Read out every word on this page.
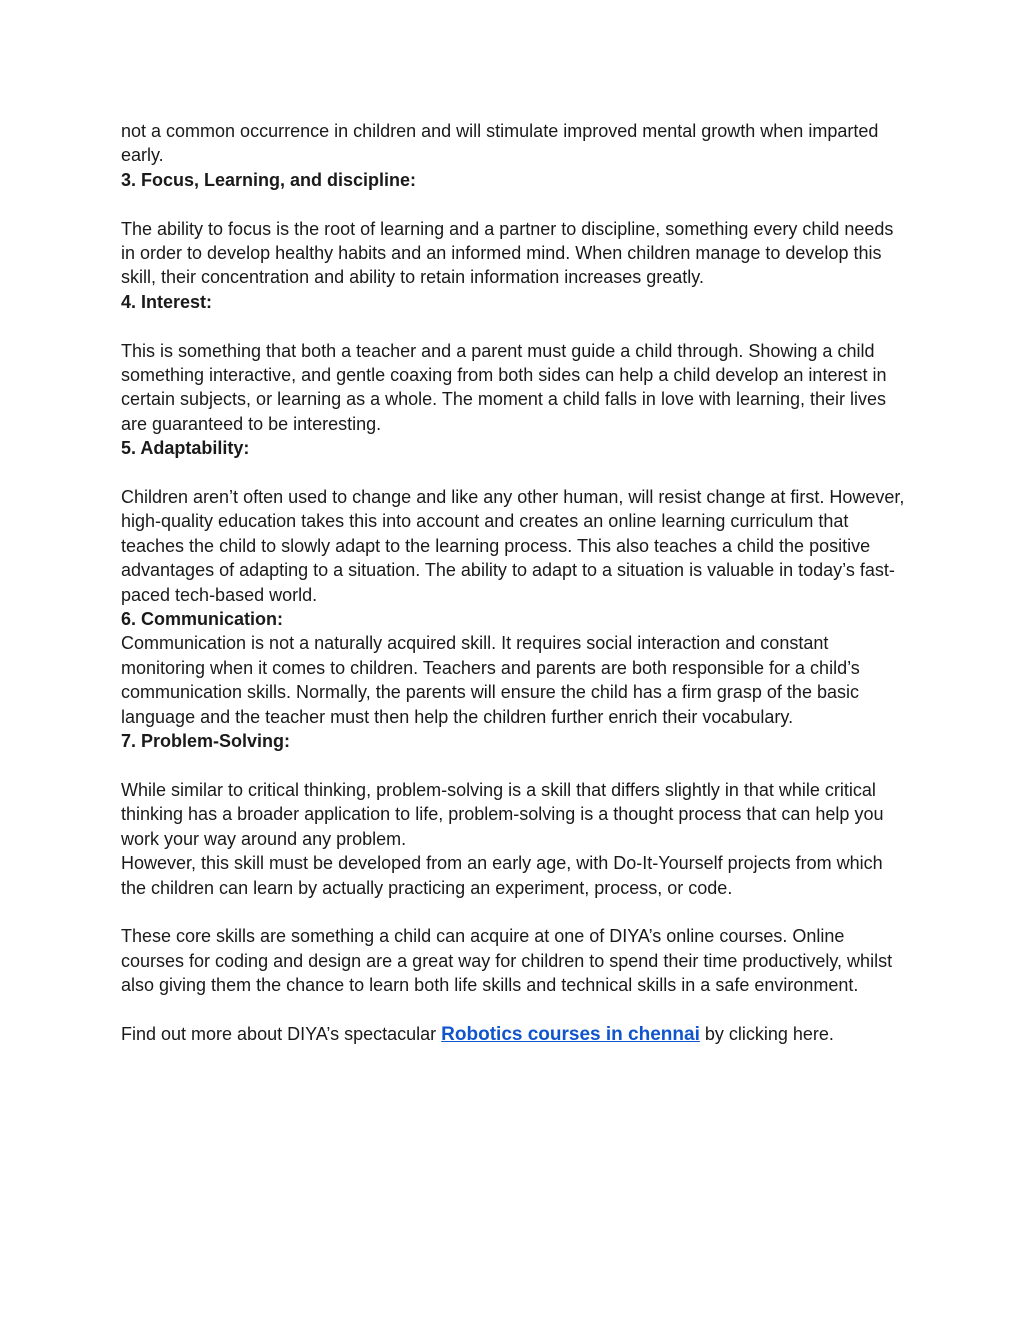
not a common occurrence in children and will stimulate improved mental growth when imparted early.

3. Focus, Learning, and discipline:

The ability to focus is the root of learning and a partner to discipline, something every child needs in order to develop healthy habits and an informed mind. When children manage to develop this skill, their concentration and ability to retain information increases greatly.

4. Interest:

This is something that both a teacher and a parent must guide a child through. Showing a child something interactive, and gentle coaxing from both sides can help a child develop an interest in certain subjects, or learning as a whole. The moment a child falls in love with learning, their lives are guaranteed to be interesting.

5. Adaptability:

Children aren’t often used to change and like any other human, will resist change at first. However, high-quality education takes this into account and creates an online learning curriculum that teaches the child to slowly adapt to the learning process. This also teaches a child the positive advantages of adapting to a situation. The ability to adapt to a situation is valuable in today’s fast-paced tech-based world.

6. Communication:

Communication is not a naturally acquired skill. It requires social interaction and constant monitoring when it comes to children. Teachers and parents are both responsible for a child’s communication skills. Normally, the parents will ensure the child has a firm grasp of the basic language and the teacher must then help the children further enrich their vocabulary.

7. Problem-Solving:

While similar to critical thinking, problem-solving is a skill that differs slightly in that while critical thinking has a broader application to life, problem-solving is a thought process that can help you work your way around any problem.

However, this skill must be developed from an early age, with Do-It-Yourself projects from which the children can learn by actually practicing an experiment, process, or code.

These core skills are something a child can acquire at one of DIYA’s online courses. Online courses for coding and design are a great way for children to spend their time productively, whilst also giving them the chance to learn both life skills and technical skills in a safe environment.

Find out more about DIYA’s spectacular Robotics courses in chennai by clicking here.
